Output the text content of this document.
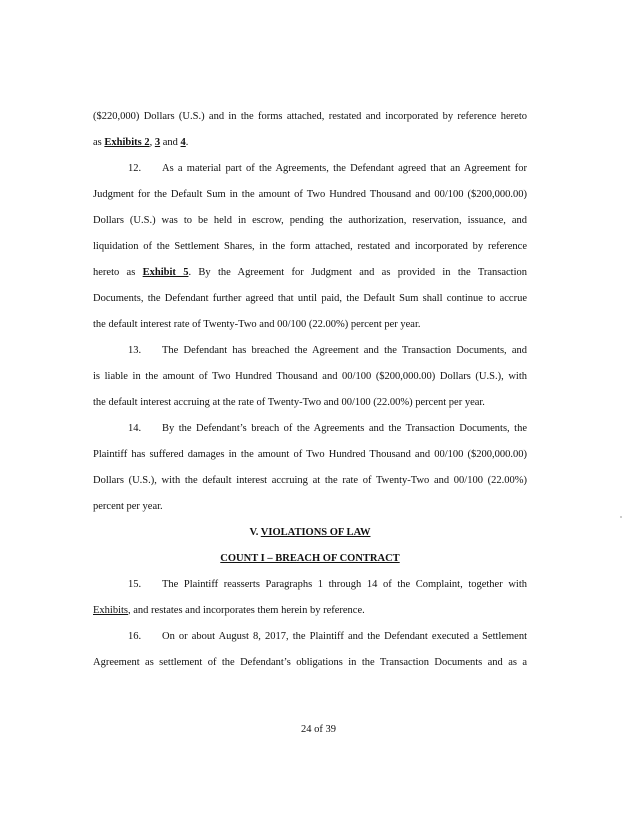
($220,000) Dollars (U.S.) and in the forms attached, restated and incorporated by reference hereto
as Exhibits 2, 3 and 4.
12.	As a material part of the Agreements, the Defendant agreed that an Agreement for
Judgment for the Default Sum in the amount of Two Hundred Thousand and 00/100 ($200,000.00)
Dollars (U.S.) was to be held in escrow, pending the authorization, reservation, issuance, and
liquidation of the Settlement Shares, in the form attached, restated and incorporated by reference
hereto as Exhibit 5. By the Agreement for Judgment and as provided in the Transaction
Documents, the Defendant further agreed that until paid, the Default Sum shall continue to accrue
the default interest rate of Twenty-Two and 00/100 (22.00%) percent per year.
13.	The Defendant has breached the Agreement and the Transaction Documents, and
is liable in the amount of Two Hundred Thousand and 00/100 ($200,000.00) Dollars (U.S.), with
the default interest accruing at the rate of Twenty-Two and 00/100 (22.00%) percent per year.
14.	By the Defendant’s breach of the Agreements and the Transaction Documents, the
Plaintiff has suffered damages in the amount of Two Hundred Thousand and 00/100 ($200,000.00)
Dollars (U.S.), with the default interest accruing at the rate of Twenty-Two and 00/100 (22.00%)
percent per year.
V. VIOLATIONS OF LAW
COUNT I – BREACH OF CONTRACT
15.	The Plaintiff reasserts Paragraphs 1 through 14 of the Complaint, together with
Exhibits, and restates and incorporates them herein by reference.
16.	On or about August 8, 2017, the Plaintiff and the Defendant executed a Settlement
Agreement as settlement of the Defendant’s obligations in the Transaction Documents and as a
24 of 39
